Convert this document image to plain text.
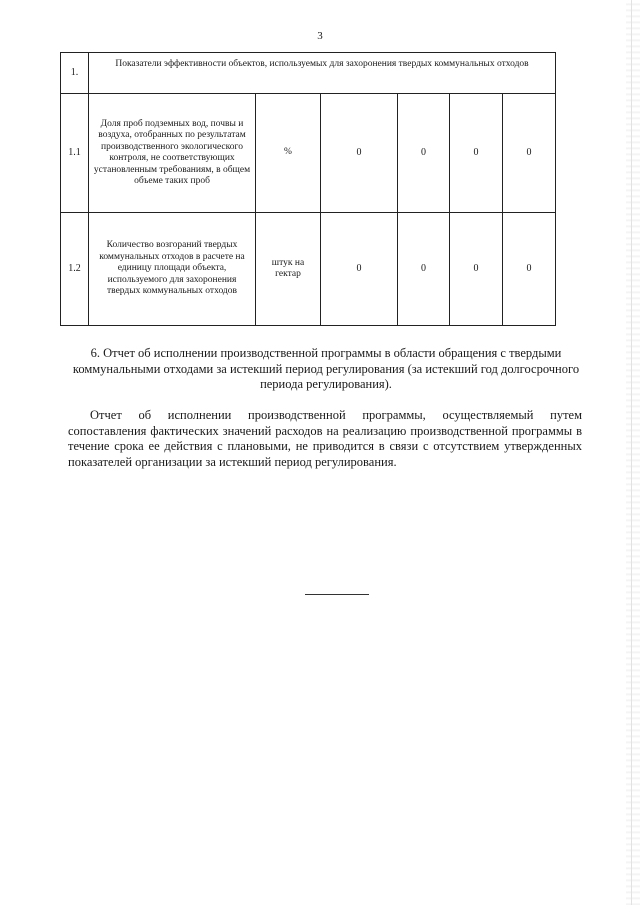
3
1.	Показатели эффективности объектов, используемых для захоронения твердых коммунальных отходов					
1.1	Доля проб подземных вод, почвы и воздуха, отобранных по результатам производственного экологического контроля, не соответствующих установленным требованиям, в общем объеме таких проб	%	0	0	0	0
1.2	Количество возгораний твердых коммунальных отходов в расчете на единицу площади объекта, используемого для захоронения твердых коммунальных отходов	штук на гектар	0	0	0	0
6. Отчет об исполнении производственной программы в области обращения с твердыми коммунальными отходами за истекший период регулирования (за истекший год долгосрочного периода регулирования).
Отчет об исполнении производственной программы, осуществляемый путем сопоставления фактических значений расходов на реализацию производственной программы в течение срока ее действия с плановыми, не приводится в связи с отсутствием утвержденных показателей организации за истекший период регулирования.
